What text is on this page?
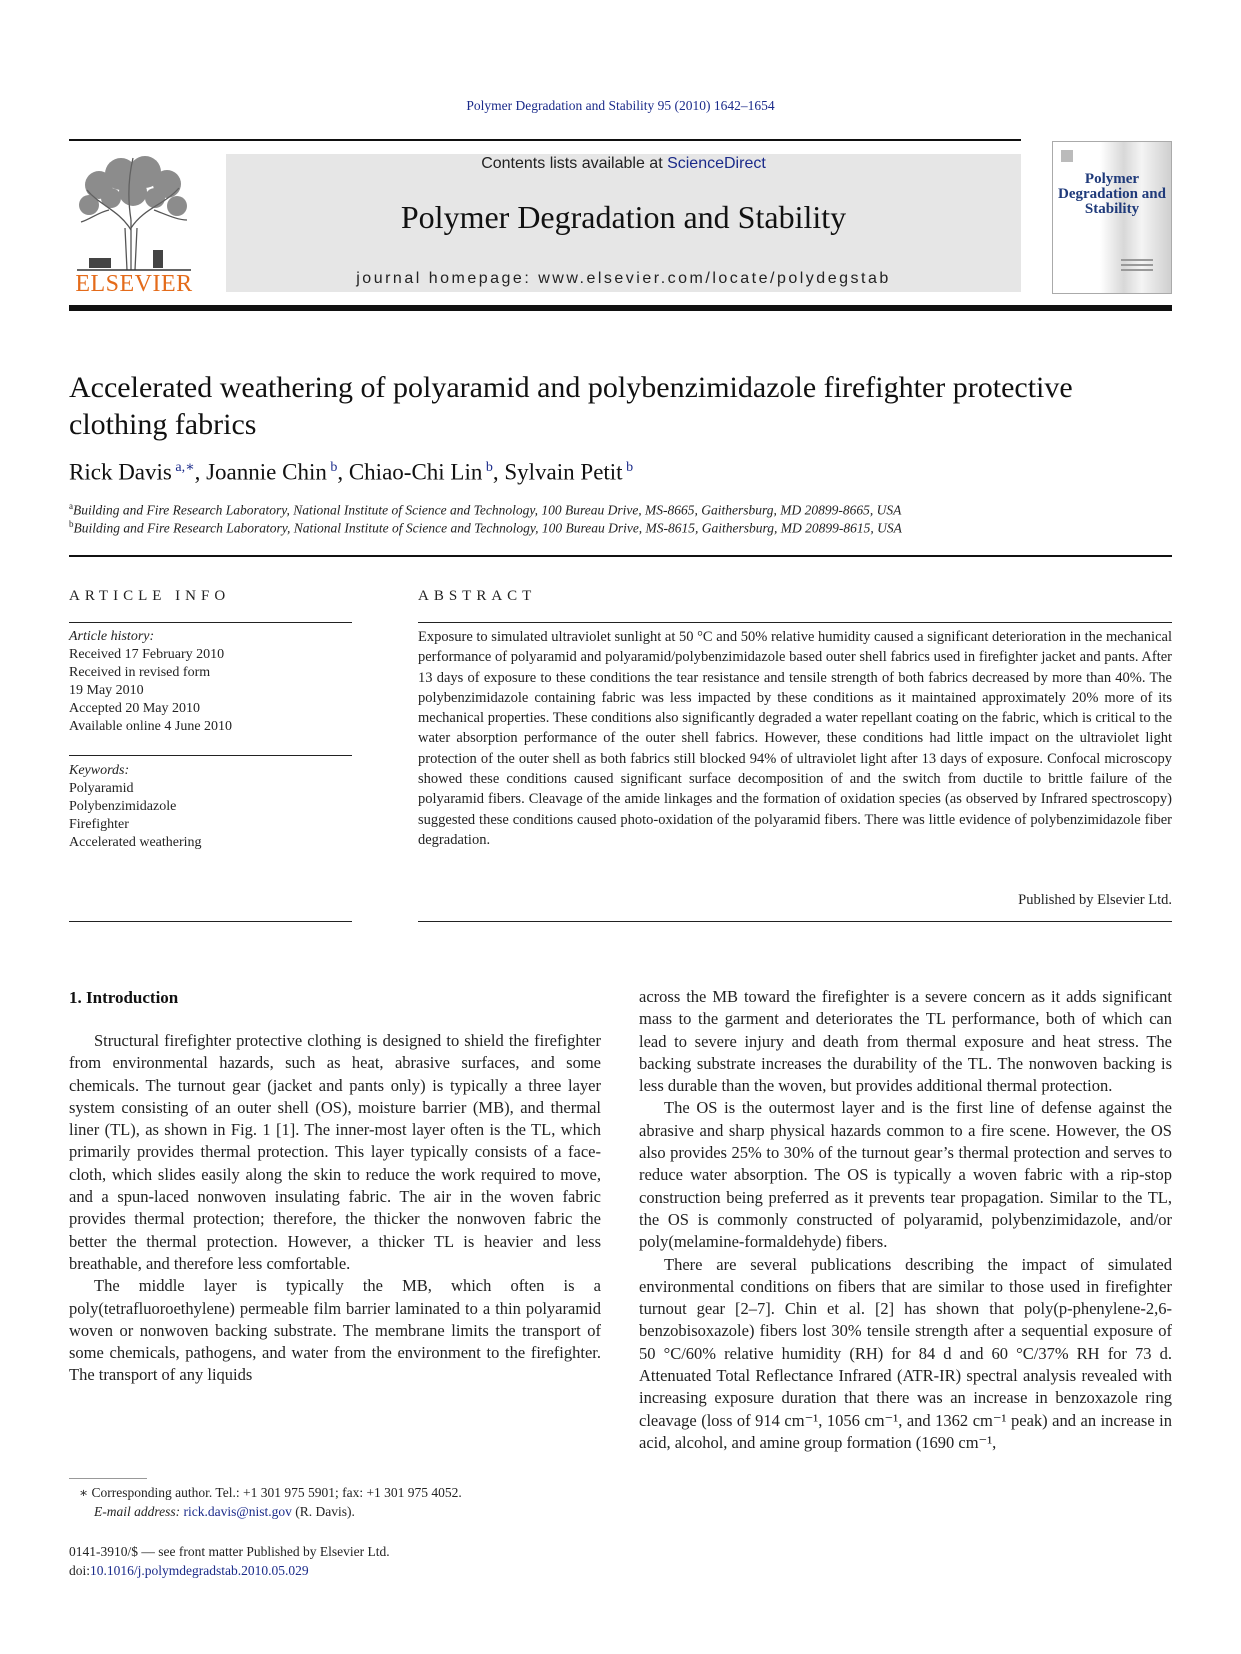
Polymer Degradation and Stability 95 (2010) 1642–1654
ELSEVIER
Contents lists available at ScienceDirect
Polymer Degradation and Stability
journal homepage: www.elsevier.com/locate/polydegstab
Polymer Degradation and Stability
Accelerated weathering of polyaramid and polybenzimidazole firefighter protective clothing fabrics
Rick Davis $^{a,∗}$, Joannie Chin $^b$, Chiao-Chi Lin $^b$, Sylvain Petit $^b$
$^a$Building and Fire Research Laboratory, National Institute of Science and Technology, 100 Bureau Drive, MS-8665, Gaithersburg, MD 20899-8665, USA
$^b$Building and Fire Research Laboratory, National Institute of Science and Technology, 100 Bureau Drive, MS-8615, Gaithersburg, MD 20899-8615, USA
ARTICLE INFO
Article history:
Received 17 February 2010
Received in revised form
19 May 2010
Accepted 20 May 2010
Available online 4 June 2010
Keywords:
Polyaramid
Polybenzimidazole
Firefighter
Accelerated weathering
ABSTRACT
Exposure to simulated ultraviolet sunlight at 50 °C and 50% relative humidity caused a significant deterioration in the mechanical performance of polyaramid and polyaramid/polybenzimidazole based outer shell fabrics used in firefighter jacket and pants. After 13 days of exposure to these conditions the tear resistance and tensile strength of both fabrics decreased by more than 40%. The polybenzimidazole containing fabric was less impacted by these conditions as it maintained approximately 20% more of its mechanical properties. These conditions also significantly degraded a water repellant coating on the fabric, which is critical to the water absorption performance of the outer shell fabrics. However, these conditions had little impact on the ultraviolet light protection of the outer shell as both fabrics still blocked 94% of ultraviolet light after 13 days of exposure. Confocal microscopy showed these conditions caused significant surface decomposition of and the switch from ductile to brittle failure of the polyaramid fibers. Cleavage of the amide linkages and the formation of oxidation species (as observed by Infrared spectroscopy) suggested these conditions caused photo-oxidation of the polyaramid fibers. There was little evidence of polybenzimidazole fiber degradation.
Published by Elsevier Ltd.
1. Introduction

Structural firefighter protective clothing is designed to shield the firefighter from environmental hazards, such as heat, abrasive surfaces, and some chemicals. The turnout gear (jacket and pants only) is typically a three layer system consisting of an outer shell (OS), moisture barrier (MB), and thermal liner (TL), as shown in Fig. 1 [1]. The inner-most layer often is the TL, which primarily provides thermal protection. This layer typically consists of a face-cloth, which slides easily along the skin to reduce the work required to move, and a spun-laced nonwoven insulating fabric. The air in the woven fabric provides thermal protection; therefore, the thicker the nonwoven fabric the better the thermal protection. However, a thicker TL is heavier and less breathable, and therefore less comfortable.

The middle layer is typically the MB, which often is a poly(tetrafluoroethylene) permeable film barrier laminated to a thin polyaramid woven or nonwoven backing substrate. The membrane limits the transport of some chemicals, pathogens, and water from the environment to the firefighter. The transport of any liquids

across the MB toward the firefighter is a severe concern as it adds significant mass to the garment and deteriorates the TL performance, both of which can lead to severe injury and death from thermal exposure and heat stress. The backing substrate increases the durability of the TL. The nonwoven backing is less durable than the woven, but provides additional thermal protection.

The OS is the outermost layer and is the first line of defense against the abrasive and sharp physical hazards common to a fire scene. However, the OS also provides 25% to 30% of the turnout gear’s thermal protection and serves to reduce water absorption. The OS is typically a woven fabric with a rip-stop construction being preferred as it prevents tear propagation. Similar to the TL, the OS is commonly constructed of polyaramid, polybenzimidazole, and/or poly(melamine-formaldehyde) fibers.

There are several publications describing the impact of simulated environmental conditions on fibers that are similar to those used in firefighter turnout gear [2–7]. Chin et al. [2] has shown that poly(p-phenylene-2,6-benzobisoxazole) fibers lost 30% tensile strength after a sequential exposure of 50 °C/60% relative humidity (RH) for 84 d and 60 °C/37% RH for 73 d. Attenuated Total Reflectance Infrared (ATR-IR) spectral analysis revealed with increasing exposure duration that there was an increase in benzoxazole ring cleavage (loss of 914 cm⁻¹, 1056 cm⁻¹, and 1362 cm⁻¹ peak) and an increase in acid, alcohol, and amine group formation (1690 cm⁻¹,

∗ Corresponding author. Tel.: +1 301 975 5901; fax: +1 301 975 4052.
E-mail address: rick.davis@nist.gov (R. Davis).
0141-3910/$ — see front matter Published by Elsevier Ltd.
doi:10.1016/j.polymdegradstab.2010.05.029
